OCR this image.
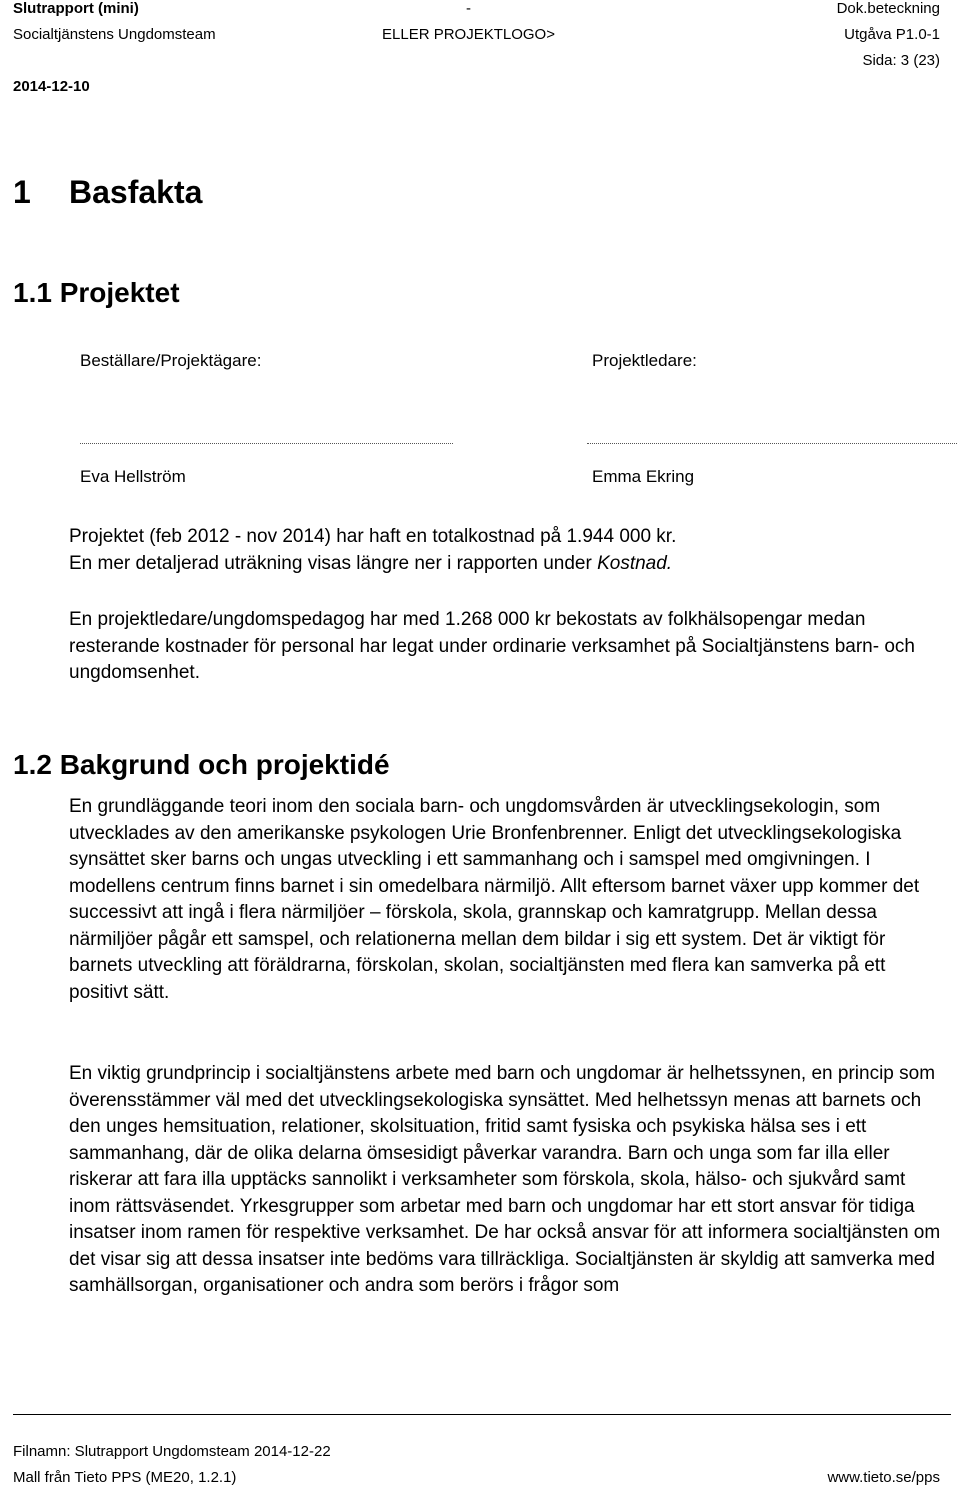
Slutrapport (mini)	-	Dok.beteckning
Socialtjänstens Ungdomsteam	ELLER PROJEKTLOGO>	Utgåva P1.0-1
Sida: 3 (23)
2014-12-10
1 Basfakta
1.1 Projektet
Beställare/Projektägare:	Projektledare:
Eva Hellström	Emma Ekring

Projektet (feb 2012 - nov 2014) har haft en totalkostnad på 1.944 000 kr.

En mer detaljerad uträkning visas längre ner i rapporten under Kostnad.

En projektledare/ungdomspedagog har med 1.268 000 kr bekostats av folkhälsopengar medan resterande kostnader för personal har legat under ordinarie verksamhet på Socialtjänstens barn- och ungdomsenhet.
1.2 Bakgrund och projektidé
En grundläggande teori inom den sociala barn- och ungdomsvården är utvecklingsekologin, som utvecklades av den amerikanske psykologen Urie Bronfenbrenner. Enligt det utvecklingsekologiska synsättet sker barns och ungas utveckling i ett sammanhang och i samspel med omgivningen. I modellens centrum finns barnet i sin omedelbara närmiljö. Allt eftersom barnet växer upp kommer det successivt att ingå i flera närmiljöer – förskola, skola, grannskap och kamratgrupp. Mellan dessa närmiljöer pågår ett samspel, och relationerna mellan dem bildar i sig ett system. Det är viktigt för barnets utveckling att föräldrarna, förskolan, skolan, socialtjänsten med flera kan samverka på ett positivt sätt.
En viktig grundprincip i socialtjänstens arbete med barn och ungdomar är helhetssynen, en princip som överensstämmer väl med det utvecklingsekologiska synsättet. Med helhetssyn menas att barnets och den unges hemsituation, relationer, skolsituation, fritid samt fysiska och psykiska hälsa ses i ett sammanhang, där de olika delarna ömsesidigt påverkar varandra. Barn och unga som far illa eller riskerar att fara illa upptäcks sannolikt i verksamheter som förskola, skola, hälso- och sjukvård samt inom rättsväsendet. Yrkesgrupper som arbetar med barn och ungdomar har ett stort ansvar för tidiga insatser inom ramen för respektive verksamhet. De har också ansvar för att informera socialtjänsten om det visar sig att dessa insatser inte bedöms vara tillräckliga. Socialtjänsten är skyldig att samverka med samhällsorgan, organisationer och andra som berörs i frågor som
Filnamn: Slutrapport Ungdomsteam 2014-12-22
Mall från Tieto PPS (ME20, 1.2.1)	www.tieto.se/pps
